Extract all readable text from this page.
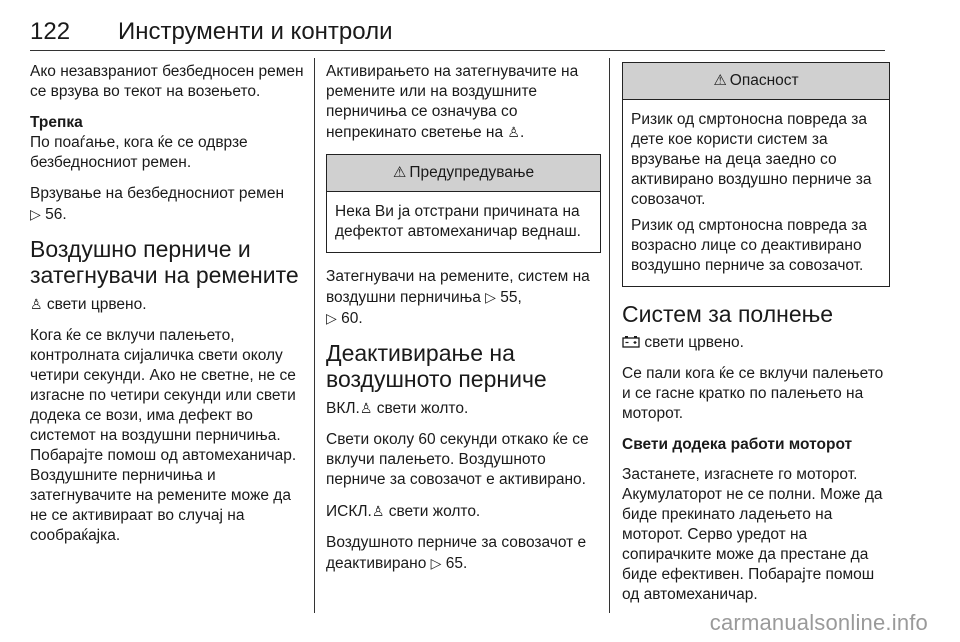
122 Инструменти и контроли

Ако незавзраниот безбедносен ремен се врзува во текот на возењето.

Трепка

По поаѓање, кога ќе се одврзе безбедносниот ремен.

Врзување на безбедносниот ремен
▷ 56.

Воздушно перниче и затегнувачи на ремените

♙ свети црвено.

Кога ќе се вклучи палењето, контролната сијаличка свети околу четири секунди. Ако не светне, не се изгасне по четири секунди или свети додека се вози, има дефект во системот на воздушни перничиња. Побарајте помош од автомеханичар. Воздушните перничиња и затегнувачите на ремените може да не се активираат во случај на сообраќајка.

Активирањето на затегнувачите на ремените или на воздушните перничиња се означува со непрекинато светење на ♙.

⚠ Предупредување

Нека Ви ја отстрани причината на дефектот автомеханичар веднаш.

Затегнувачи на ремените, систем на воздушни перничиња ▷ 55,
▷ 60.

Деактивирање на воздушното перниче

ВКЛ.♙ свети жолто.

Свети околу 60 секунди откако ќе се вклучи палењето. Воздушното перниче за совозачот е активирано.

ИСКЛ.♙ свети жолто.

Воздушното перниче за совозачот е деактивирано ▷ 65.

⚠ Опасност

Ризик од смртоносна повреда за дете кое користи систем за врзување на деца заедно со активирано воздушно перниче за совозачот.

Ризик од смртоносна повреда за возрасно лице со деактивирано воздушно перниче за совозачот.

Систем за полнење

свети црвено.

Се пали кога ќе се вклучи палењето и се гасне кратко по палењето на моторот.

Свети додека работи моторот

Застанете, изгаснете го моторот. Акумулаторот не се полни. Може да биде прекинато ладењето на моторот. Серво уредот на сопирачките може да престане да биде ефективен. Побарајте помош од автомеханичар.

carmanualsonline.info
